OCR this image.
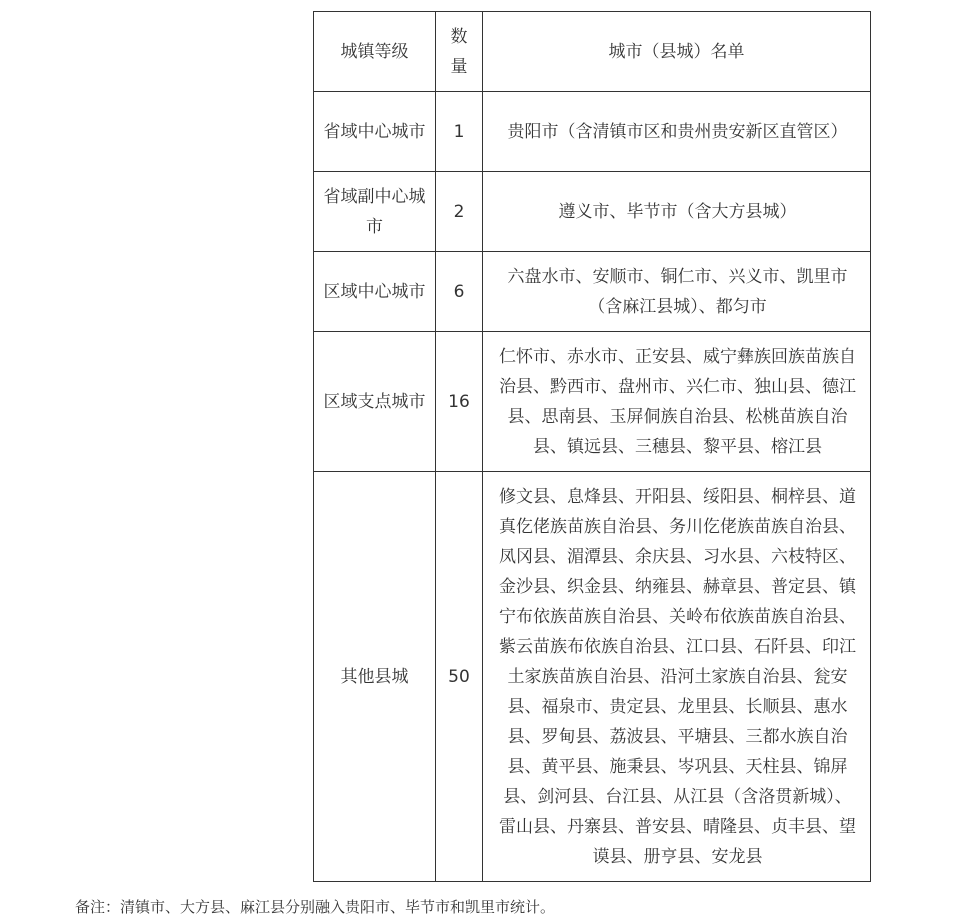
城镇等级	数量	城市（县城）名单
省域中心城市	1	贵阳市（含清镇市区和贵州贵安新区直管区）
省域副中心城市	2	遵义市、毕节市（含大方县城）
区域中心城市	6	六盘水市、安顺市、铜仁市、兴义市、凯里市（含麻江县城）、都匀市
区域支点城市	16	仁怀市、赤水市、正安县、威宁彝族回族苗族自治县、黔西市、盘州市、兴仁市、独山县、德江县、思南县、玉屏侗族自治县、松桃苗族自治县、镇远县、三穗县、黎平县、榕江县
其他县城	50	修文县、息烽县、开阳县、绥阳县、桐梓县、道真仡佬族苗族自治县、务川仡佬族苗族自治县、凤冈县、湄潭县、余庆县、习水县、六枝特区、金沙县、织金县、纳雍县、赫章县、普定县、镇宁布依族苗族自治县、关岭布依族苗族自治县、紫云苗族布依族自治县、江口县、石阡县、印江土家族苗族自治县、沿河土家族自治县、瓮安县、福泉市、贵定县、龙里县、长顺县、惠水县、罗甸县、荔波县、平塘县、三都水族自治县、黄平县、施秉县、岑巩县、天柱县、锦屏县、剑河县、台江县、从江县（含洛贯新城）、雷山县、丹寨县、普安县、晴隆县、贞丰县、望谟县、册亨县、安龙县
备注：清镇市、大方县、麻江县分别融入贵阳市、毕节市和凯里市统计。
